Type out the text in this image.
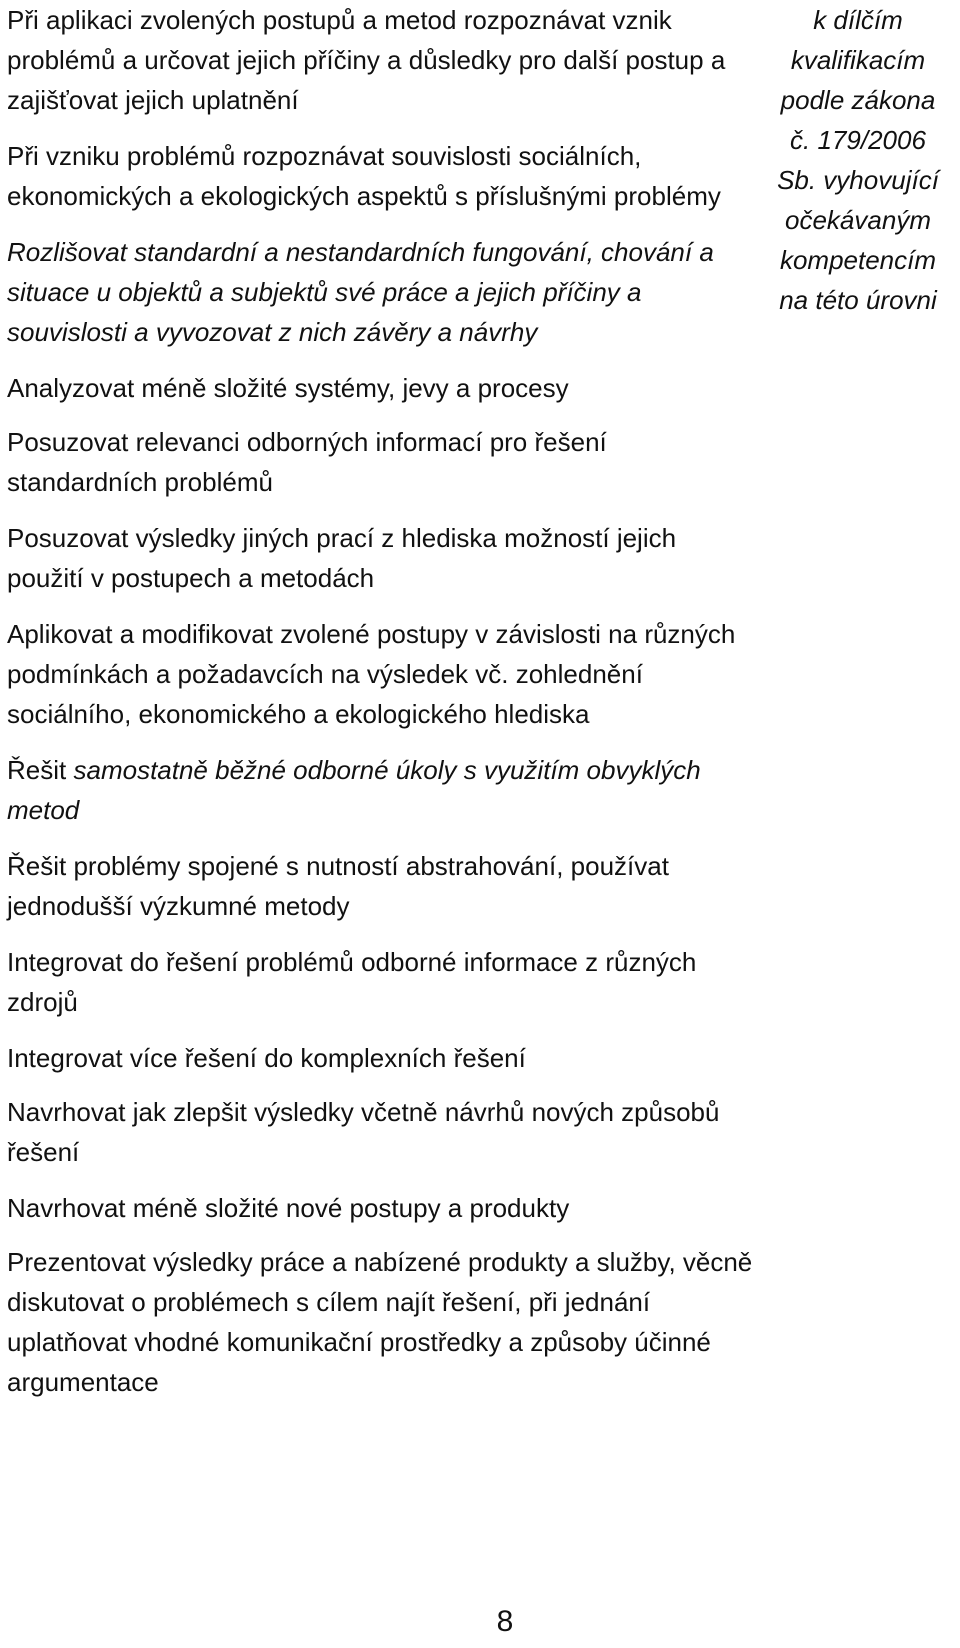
Při aplikaci zvolených postupů a metod rozpoznávat vznik problémů a určovat jejich příčiny a důsledky pro další postup a zajišťovat jejich uplatnění

Při vzniku problémů rozpoznávat souvislosti sociálních, ekonomických a ekologických aspektů s příslušnými problémy

Rozlišovat standardní a nestandardních fungování, chování a situace u objektů a subjektů své práce a jejich příčiny a souvislosti a vyvozovat z nich závěry a návrhy

Analyzovat méně složité systémy, jevy a procesy

Posuzovat relevanci odborných informací pro řešení standardních problémů

Posuzovat výsledky jiných prací z hlediska možností jejich použití v postupech a metodách

Aplikovat a modifikovat zvolené postupy v závislosti na různých podmínkách a požadavcích na výsledek vč. zohlednění sociálního, ekonomického a ekologického hlediska

Řešit samostatně běžné odborné úkoly s využitím obvyklých metod

Řešit problémy spojené s nutností abstrahování, používat jednodušší výzkumné metody

Integrovat do řešení problémů odborné informace z různých zdrojů

Integrovat více řešení do komplexních řešení

Navrhovat jak zlepšit výsledky včetně návrhů nových způsobů řešení

Navrhovat méně složité nové postupy a produkty

Prezentovat výsledky práce a nabízené produkty a služby, věcně diskutovat o problémech s cílem najít řešení, při jednání uplatňovat vhodné komunikační prostředky a způsoby účinné argumentace

k dílčím
kvalifikacím
podle zákona
č. 179/2006
Sb. vyhovující
očekávaným
kompetencím
na této úrovni
8
